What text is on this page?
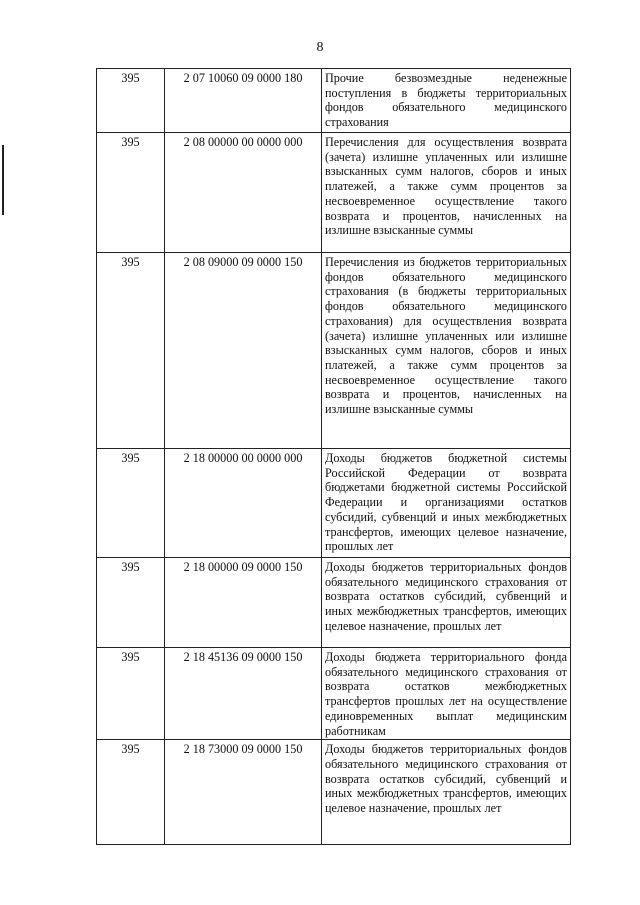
8
395	2 07 10060 09 0000 180	Прочие безвозмездные неденежные поступления в бюджеты территориальных фондов обязательного медицинского страхования
395	2 08 00000 00 0000 000	Перечисления для осуществления возврата (зачета) излишне уплаченных или излишне взысканных сумм налогов, сборов и иных платежей, а также сумм процентов за несвоевременное осуществление такого возврата и процентов, начисленных на излишне взысканные суммы
395	2 08 09000 09 0000 150	Перечисления из бюджетов территориальных фондов обязательного медицинского страхования (в бюджеты территориальных фондов обязательного медицинского страхования) для осуществления возврата (зачета) излишне уплаченных или излишне взысканных сумм налогов, сборов и иных платежей, а также сумм процентов за несвоевременное осуществление такого возврата и процентов, начисленных на излишне взысканные суммы
395	2 18 00000 00 0000 000	Доходы бюджетов бюджетной системы Российской Федерации от возврата бюджетами бюджетной системы Российской Федерации и организациями остатков субсидий, субвенций и иных межбюджетных трансфертов, имеющих целевое назначение, прошлых лет
395	2 18 00000 09 0000 150	Доходы бюджетов территориальных фондов обязательного медицинского страхования от возврата остатков субсидий, субвенций и иных межбюджетных трансфертов, имеющих целевое назначение, прошлых лет
395	2 18 45136 09 0000 150	Доходы бюджета территориального фонда обязательного медицинского страхования от возврата остатков межбюджетных трансфертов прошлых лет на осуществление единовременных выплат медицинским работникам
395	2 18 73000 09 0000 150	Доходы бюджетов территориальных фондов обязательного медицинского страхования от возврата остатков субсидий, субвенций и иных межбюджетных трансфертов, имеющих целевое назначение, прошлых лет
